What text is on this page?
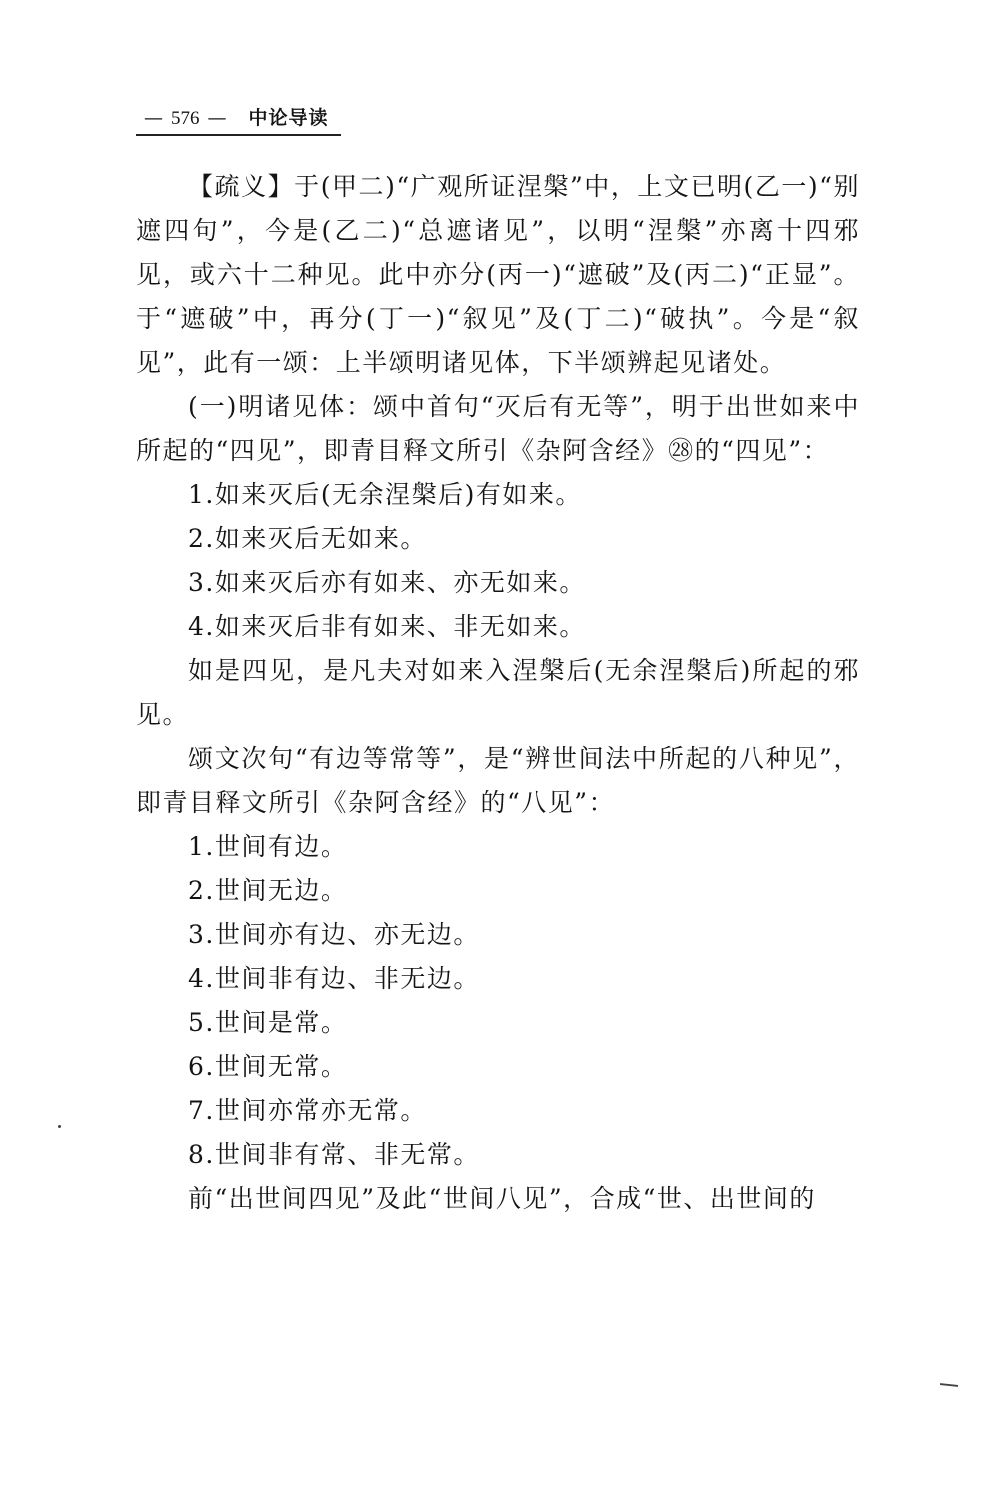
— 576 — 中论导读

【疏义】于(甲二)“广观所证涅槃”中，上文已明(乙一)“别遮四句”，今是(乙二)“总遮诸见”，以明“涅槃”亦离十四邪见，或六十二种见。此中亦分(丙一)“遮破”及(丙二)“正显”。于“遮破”中，再分(丁一)“叙见”及(丁二)“破执”。今是“叙见”，此有一颂：上半颂明诸见体，下半颂辨起见诸处。

(一)明诸见体：颂中首句“灭后有无等”，明于出世如来中所起的“四见”，即青目释文所引《杂阿含经》㉘的“四见”：

1.如来灭后(无余涅槃后)有如来。

2.如来灭后无如来。

3.如来灭后亦有如来、亦无如来。

4.如来灭后非有如来、非无如来。

如是四见，是凡夫对如来入涅槃后(无余涅槃后)所起的邪见。

颂文次句“有边等常等”，是“辨世间法中所起的八种见”，即青目释文所引《杂阿含经》的“八见”：

1.世间有边。

2.世间无边。

3.世间亦有边、亦无边。

4.世间非有边、非无边。

5.世间是常。

6.世间无常。

7.世间亦常亦无常。

8.世间非有常、非无常。

前“出世间四见”及此“世间八见”，合成“世、出世间的
